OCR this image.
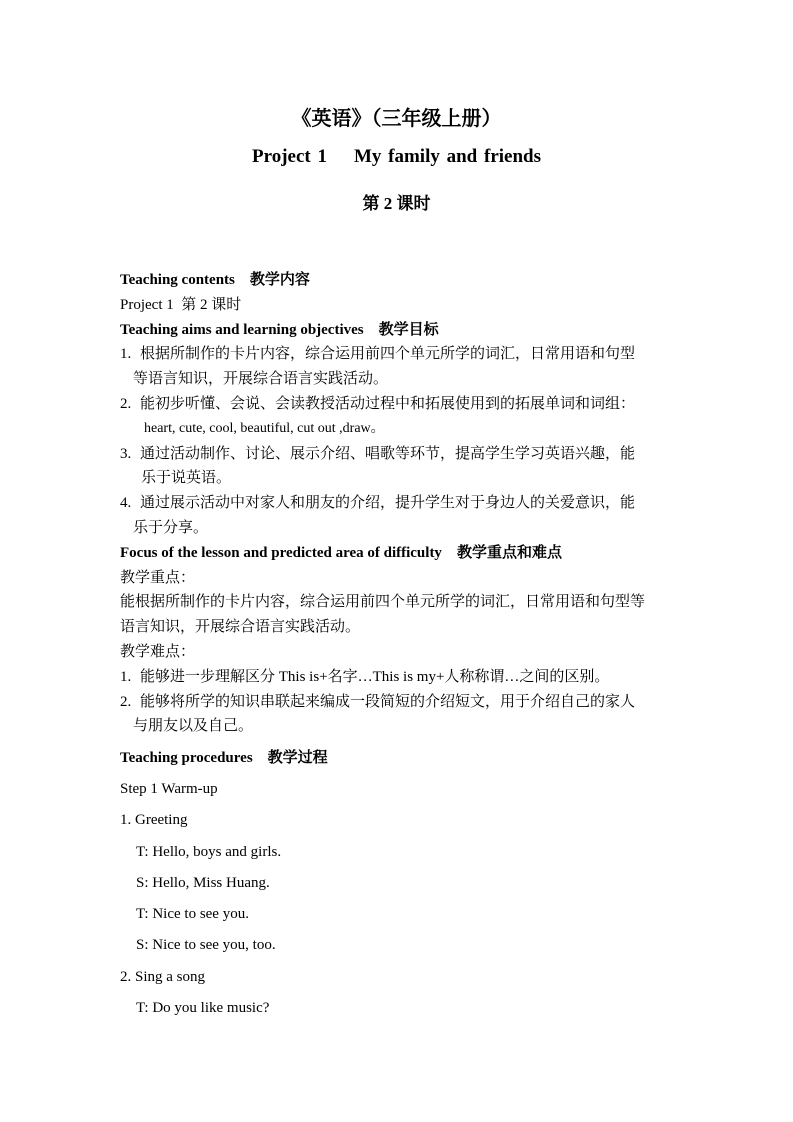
《英语》（三年级上册）
Project 1    My family and friends
第 2 课时
Teaching contents 教学内容
Project 1  第 2 课时
Teaching aims and learning objectives 教学目标
1. 根据所制作的卡片内容，综合运用前四个单元所学的词汇，日常用语和句型
等语言知识，开展综合语言实践活动。
2. 能初步听懂、会说、会读教授活动过程中和拓展使用到的拓展单词和词组：
heart, cute, cool, beautiful, cut out ,draw。
3. 通过活动制作、讨论、展示介绍、唱歌等环节，提高学生学习英语兴趣，能
乐于说英语。
4. 通过展示活动中对家人和朋友的介绍，提升学生对于身边人的关爱意识，能
乐于分享。
Focus of the lesson and predicted area of difficulty 教学重点和难点
教学重点：
能根据所制作的卡片内容，综合运用前四个单元所学的词汇，日常用语和句型等
语言知识，开展综合语言实践活动。
教学难点：
1. 能够进一步理解区分 This is+名字…This is my+人称称谓…之间的区别。
2. 能够将所学的知识串联起来编成一段简短的介绍短文，用于介绍自己的家人
与朋友以及自己。
Teaching procedures 教学过程
Step 1 Warm-up
1. Greeting
T: Hello, boys and girls.
S: Hello, Miss Huang.
T: Nice to see you.
S: Nice to see you, too.
2. Sing a song
T: Do you like music?
